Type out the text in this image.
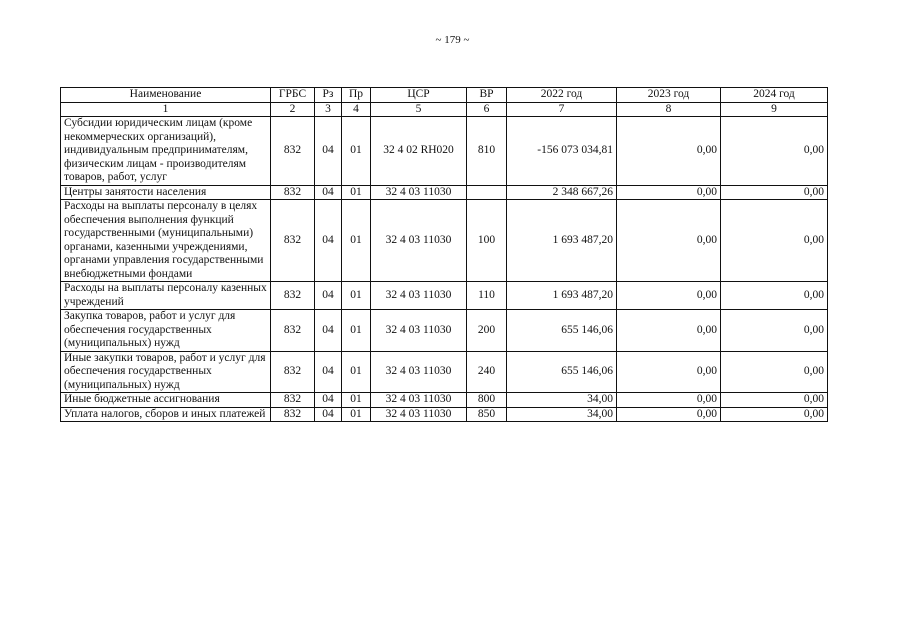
~ 179 ~
Наименование	ГРБС	Рз	Пр	ЦСР	ВР	2022 год	2023 год	2024 год
1	2	3	4	5	6	7	8	9
Субсидии юридическим лицам (кроме некоммерческих организаций), индивидуальным предпринимателям, физическим лицам - производителям товаров, работ, услуг	832	04	01	32 4 02 RH020	810	-156 073 034,81	0,00	0,00
Центры занятости населения	832	04	01	32 4 03 11030		2 348 667,26	0,00	0,00
Расходы на выплаты персоналу в целях обеспечения выполнения функций государственными (муниципальными) органами, казенными учреждениями, органами управления государственными внебюджетными фондами	832	04	01	32 4 03 11030	100	1 693 487,20	0,00	0,00
Расходы на выплаты персоналу казенных учреждений	832	04	01	32 4 03 11030	110	1 693 487,20	0,00	0,00
Закупка товаров, работ и услуг для обеспечения государственных (муниципальных) нужд	832	04	01	32 4 03 11030	200	655 146,06	0,00	0,00
Иные закупки товаров, работ и услуг для обеспечения государственных (муниципальных) нужд	832	04	01	32 4 03 11030	240	655 146,06	0,00	0,00
Иные бюджетные ассигнования	832	04	01	32 4 03 11030	800	34,00	0,00	0,00
Уплата налогов, сборов и иных платежей	832	04	01	32 4 03 11030	850	34,00	0,00	0,00
